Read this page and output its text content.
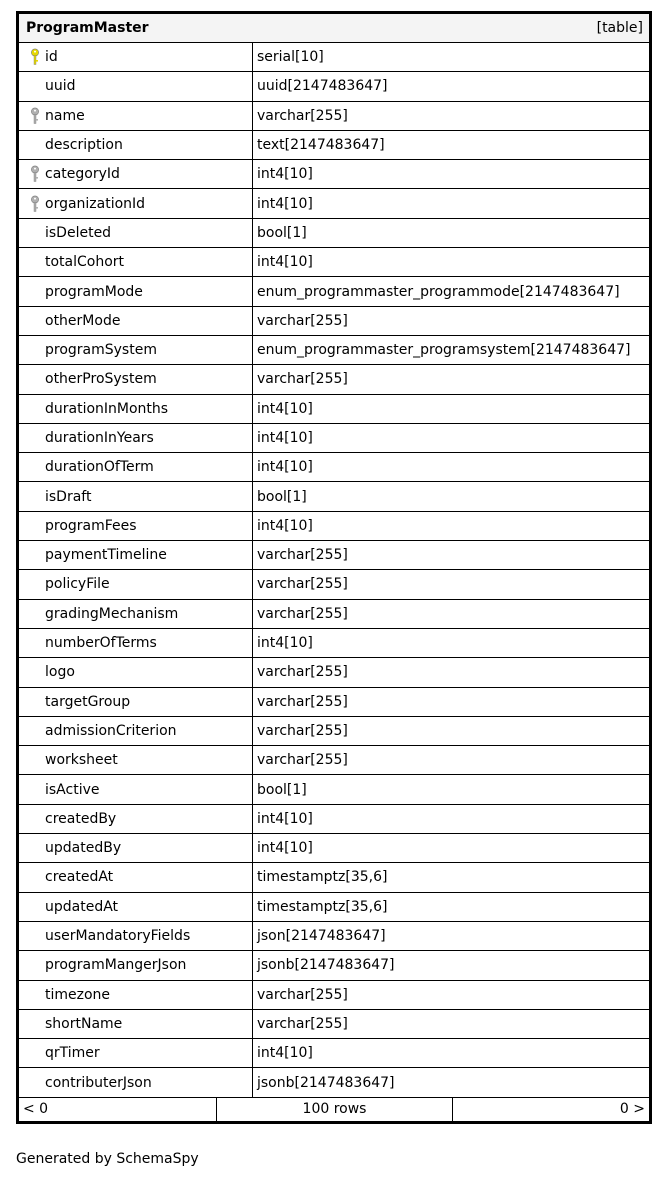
ProgramMaster	[table]
id	serial[10]
uuid	uuid[2147483647]
name	varchar[255]
description	text[2147483647]
categoryId	int4[10]
organizationId	int4[10]
isDeleted	bool[1]
totalCohort	int4[10]
programMode	enum_programmaster_programmode[2147483647]
otherMode	varchar[255]
programSystem	enum_programmaster_programsystem[2147483647]
otherProSystem	varchar[255]
durationInMonths	int4[10]
durationInYears	int4[10]
durationOfTerm	int4[10]
isDraft	bool[1]
programFees	int4[10]
paymentTimeline	varchar[255]
policyFile	varchar[255]
gradingMechanism	varchar[255]
numberOfTerms	int4[10]
logo	varchar[255]
targetGroup	varchar[255]
admissionCriterion	varchar[255]
worksheet	varchar[255]
isActive	bool[1]
createdBy	int4[10]
updatedBy	int4[10]
createdAt	timestamptz[35,6]
updatedAt	timestamptz[35,6]
userMandatoryFields	json[2147483647]
programMangerJson	jsonb[2147483647]
timezone	varchar[255]
shortName	varchar[255]
qrTimer	int4[10]
contributerJson	jsonb[2147483647]
< 0	100 rows	0 >
Generated by SchemaSpy
